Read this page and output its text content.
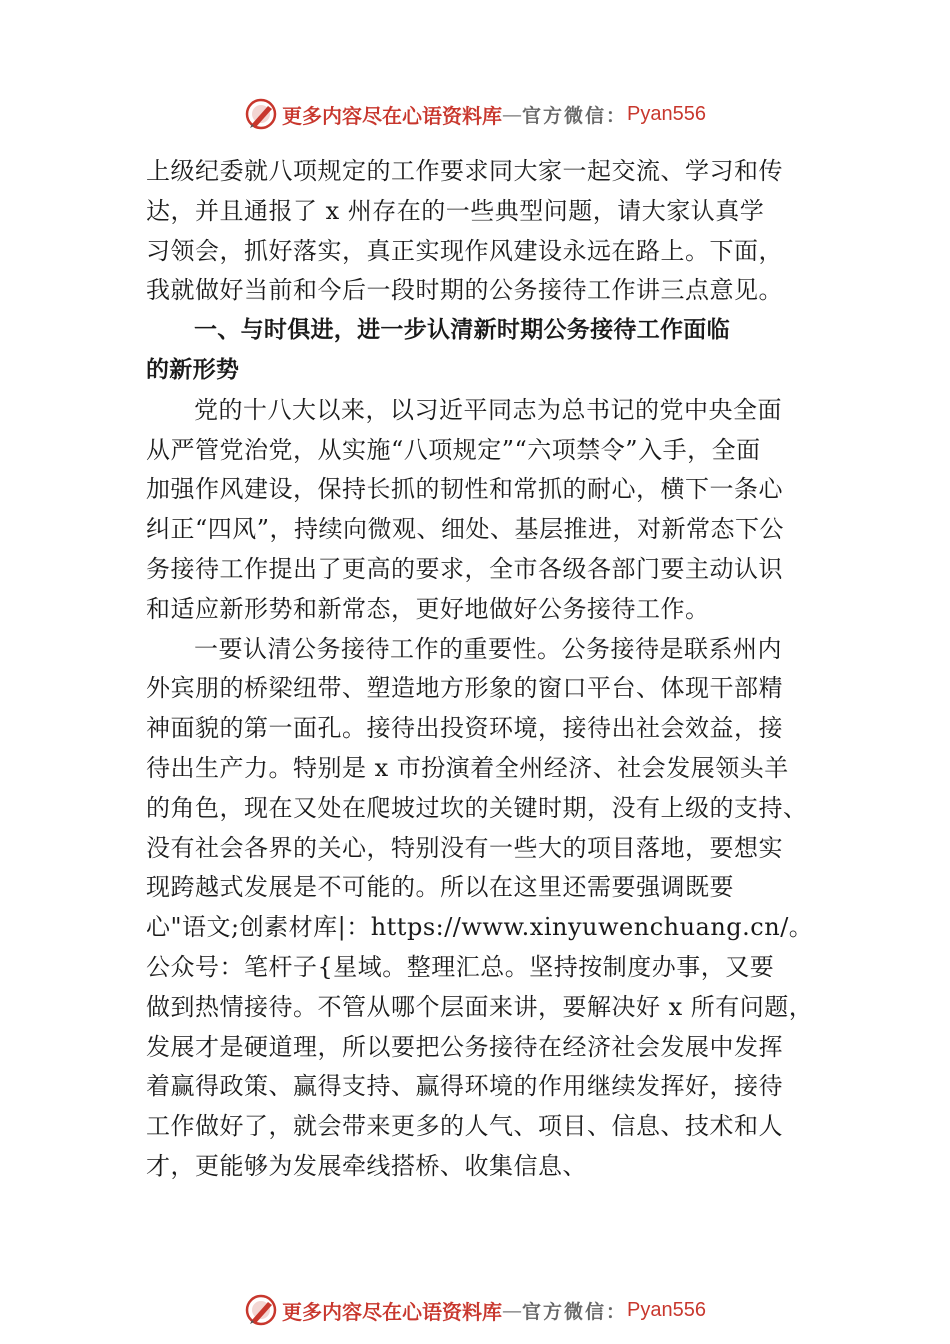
更多内容尽在心语资料库 — 官方微信： Pyan556
上级纪委就八项规定的工作要求同大家一起交流、学习和传
达，并且通报了 x 州存在的一些典型问题，请大家认真学
习领会，抓好落实，真正实现作风建设永远在路上。下面，
我就做好当前和今后一段时期的公务接待工作讲三点意见。
一、与时俱进，进一步认清新时期公务接待工作面临
的新形势
党的十八大以来，以习近平同志为总书记的党中央全面
从严管党治党，从实施“八项规定”“六项禁令”入手，全面
加强作风建设，保持长抓的韧性和常抓的耐心，横下一条心
纠正“四风”，持续向微观、细处、基层推进，对新常态下公
务接待工作提出了更高的要求，全市各级各部门要主动认识
和适应新形势和新常态，更好地做好公务接待工作。
一要认清公务接待工作的重要性。公务接待是联系州内
外宾朋的桥梁纽带、塑造地方形象的窗口平台、体现干部精
神面貌的第一面孔。接待出投资环境，接待出社会效益，接
待出生产力。特别是 x 市扮演着全州经济、社会发展领头羊
的角色，现在又处在爬坡过坎的关键时期，没有上级的支持、
没有社会各界的关心，特别没有一些大的项目落地，要想实
现跨越式发展是不可能的。所以在这里还需要强调既要
心"语文;创素材库|：https://www.xinyuwenchuang.cn/。
公众号：笔杆子{星域。整理汇总。坚持按制度办事，又要
做到热情接待。不管从哪个层面来讲，要解决好 x 所有问题，
发展才是硬道理，所以要把公务接待在经济社会发展中发挥
着赢得政策、赢得支持、赢得环境的作用继续发挥好，接待
工作做好了，就会带来更多的人气、项目、信息、技术和人
才，更能够为发展牵线搭桥、收集信息、
更多内容尽在心语资料库 — 官方微信： Pyan556
